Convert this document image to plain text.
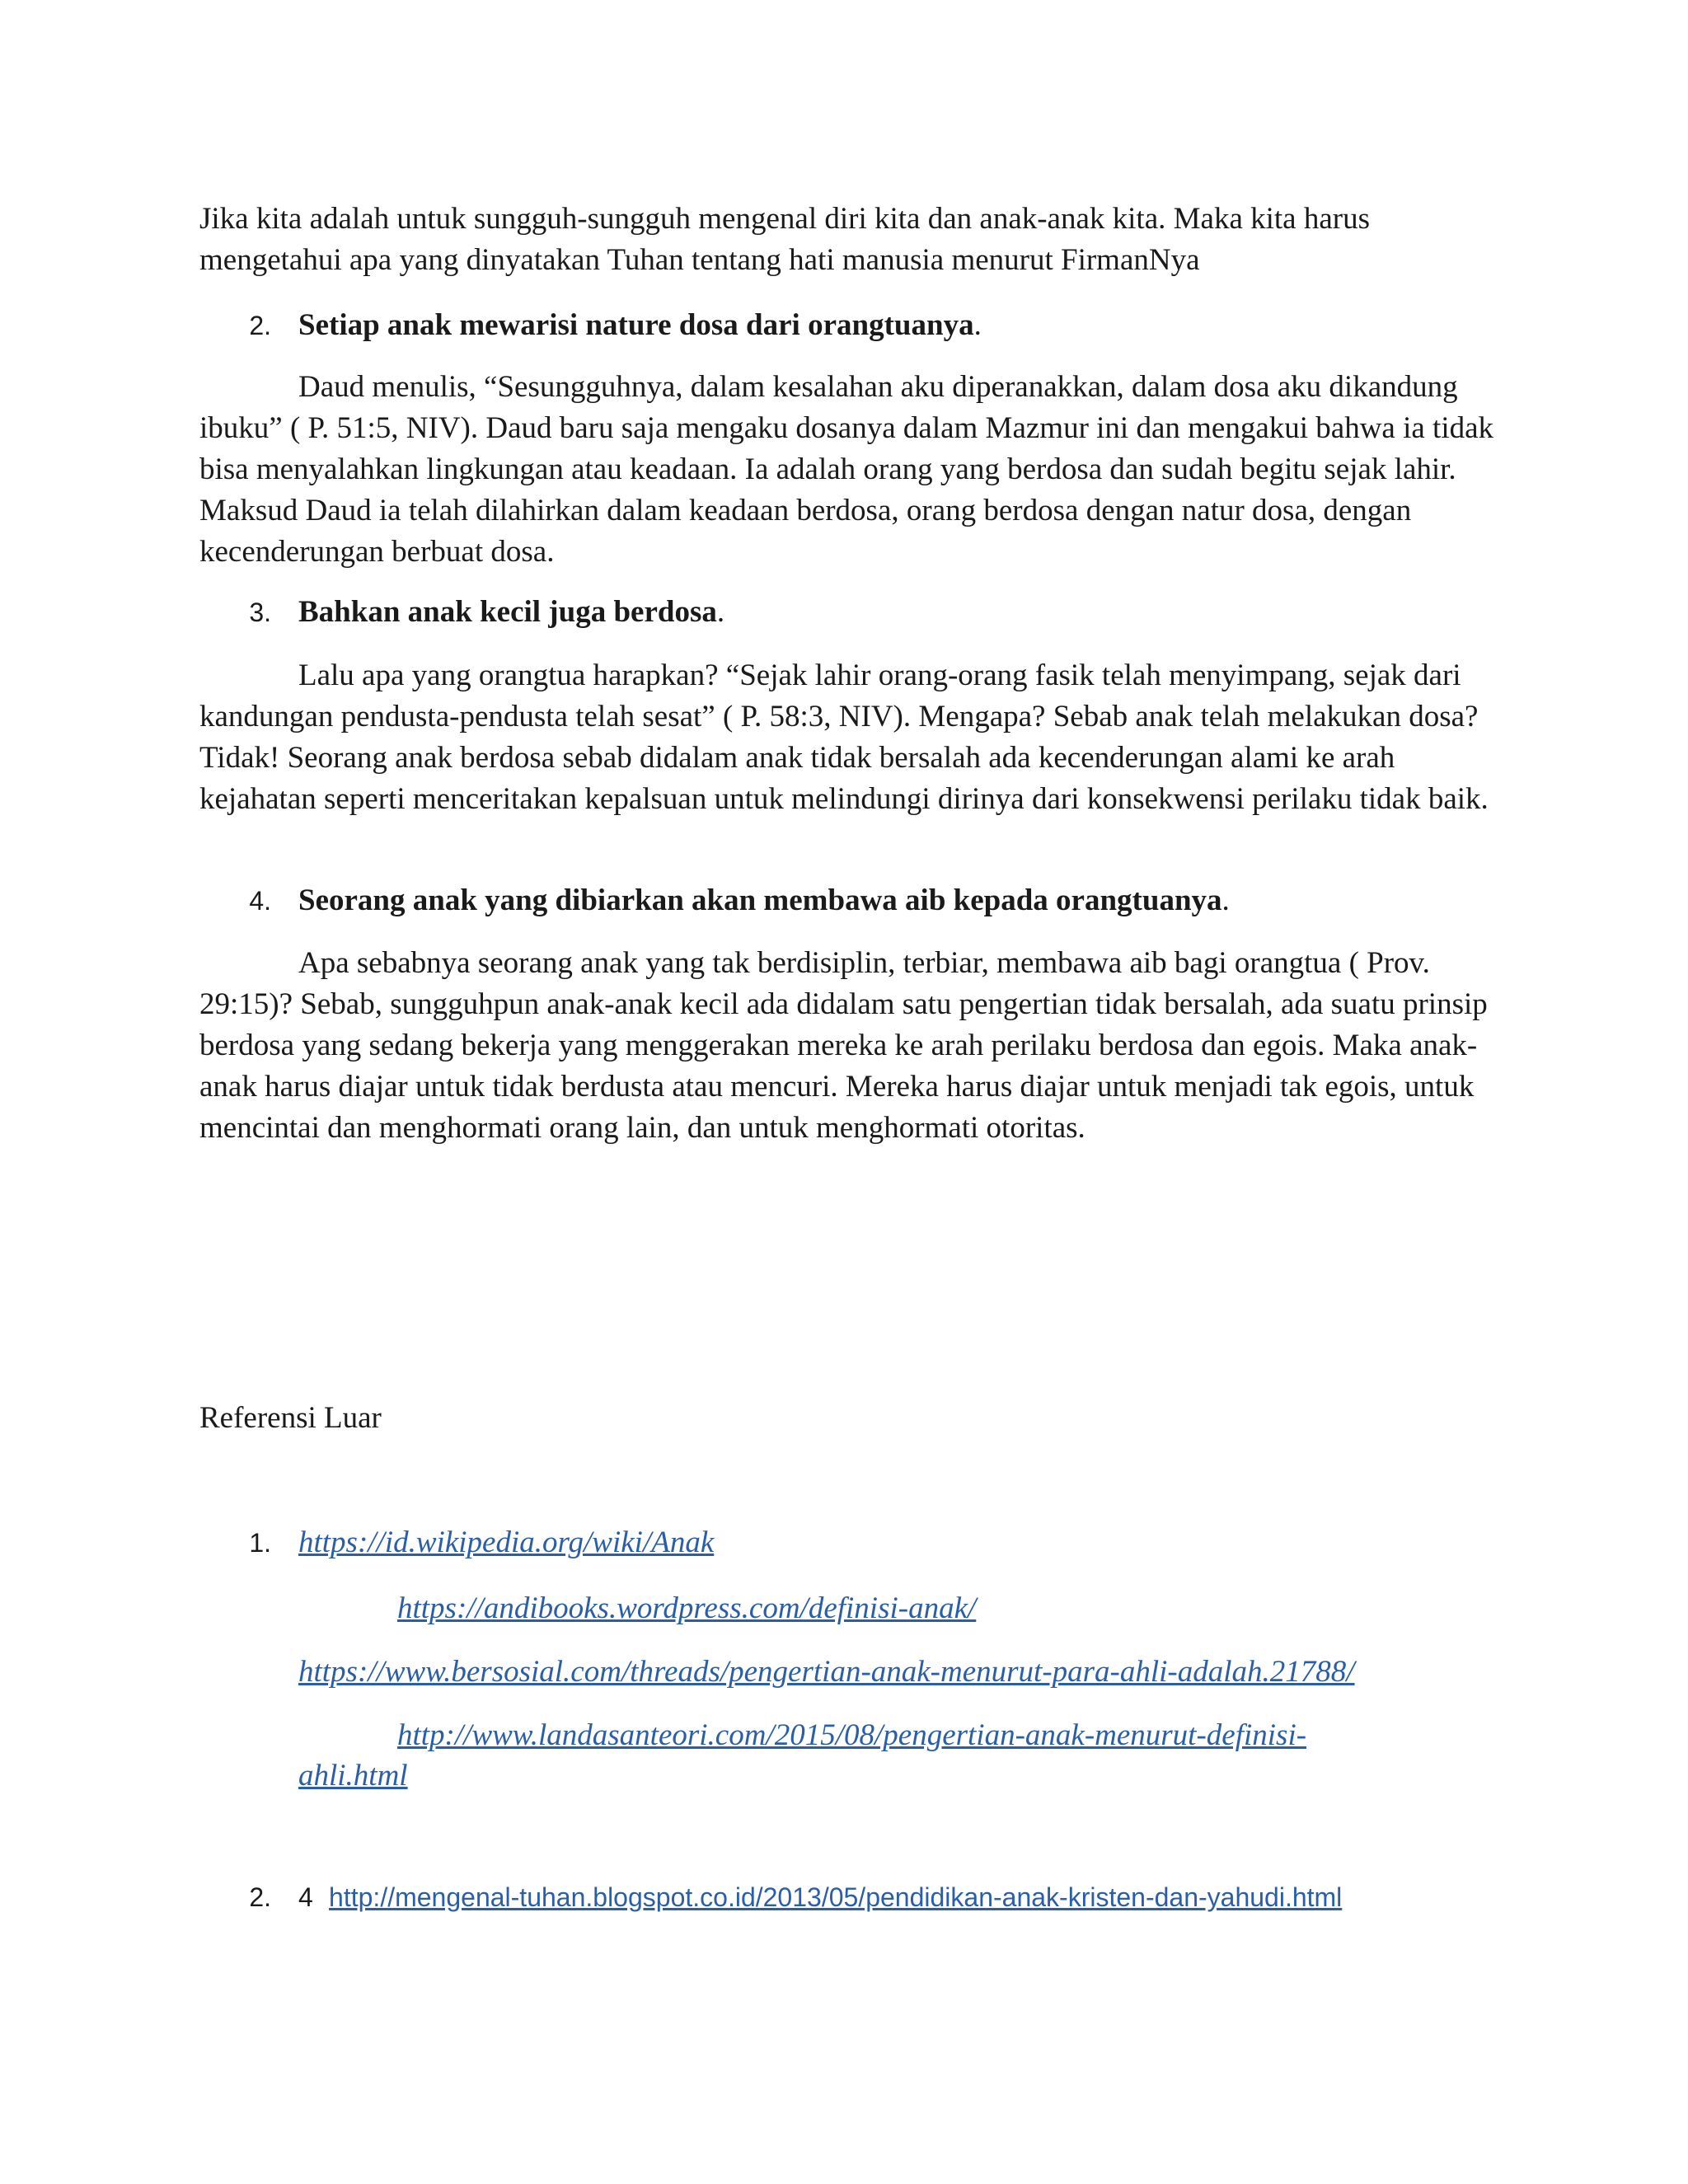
Jika kita adalah untuk sungguh-sungguh mengenal diri kita dan anak-anak kita. Maka kita harus mengetahui apa yang dinyatakan Tuhan tentang hati manusia menurut FirmanNya

2. Setiap anak mewarisi nature dosa dari orangtuanya.

Daud menulis, “Sesungguhnya, dalam kesalahan aku diperanakkan, dalam dosa aku dikandung ibuku” ( P. 51:5, NIV). Daud baru saja mengaku dosanya dalam Mazmur ini dan mengakui bahwa ia tidak bisa menyalahkan lingkungan atau keadaan. Ia adalah orang yang berdosa dan sudah begitu sejak lahir. Maksud Daud ia telah dilahirkan dalam keadaan berdosa, orang berdosa dengan natur dosa, dengan kecenderungan berbuat dosa.

3. Bahkan anak kecil juga berdosa.

Lalu apa yang orangtua harapkan? “Sejak lahir orang-orang fasik telah menyimpang, sejak dari kandungan pendusta-pendusta telah sesat” ( P. 58:3, NIV). Mengapa? Sebab anak telah melakukan dosa? Tidak! Seorang anak berdosa sebab didalam anak tidak bersalah ada kecenderungan alami ke arah kejahatan seperti menceritakan kepalsuan untuk melindungi dirinya dari konsekwensi perilaku tidak baik.

4. Seorang anak yang dibiarkan akan membawa aib kepada orangtuanya.

Apa sebabnya seorang anak yang tak berdisiplin, terbiar, membawa aib bagi orangtua ( Prov. 29:15)? Sebab, sungguhpun anak-anak kecil ada didalam satu pengertian tidak bersalah, ada suatu prinsip berdosa yang sedang bekerja yang menggerakan mereka ke arah perilaku berdosa dan egois. Maka anak-anak harus diajar untuk tidak berdusta atau mencuri. Mereka harus diajar untuk menjadi tak egois, untuk mencintai dan menghormati orang lain, dan untuk menghormati otoritas.

Referensi Luar
1. https://id.wikipedia.org/wiki/Anak
https://andibooks.wordpress.com/definisi-anak/
https://www.bersosial.com/threads/pengertian-anak-menurut-para-ahli-adalah.21788/
http://www.landasanteori.com/2015/08/pengertian-anak-menurut-definisi-
ahli.html
2. 4 http://mengenal-tuhan.blogspot.co.id/2013/05/pendidikan-anak-kristen-dan-yahudi.html
